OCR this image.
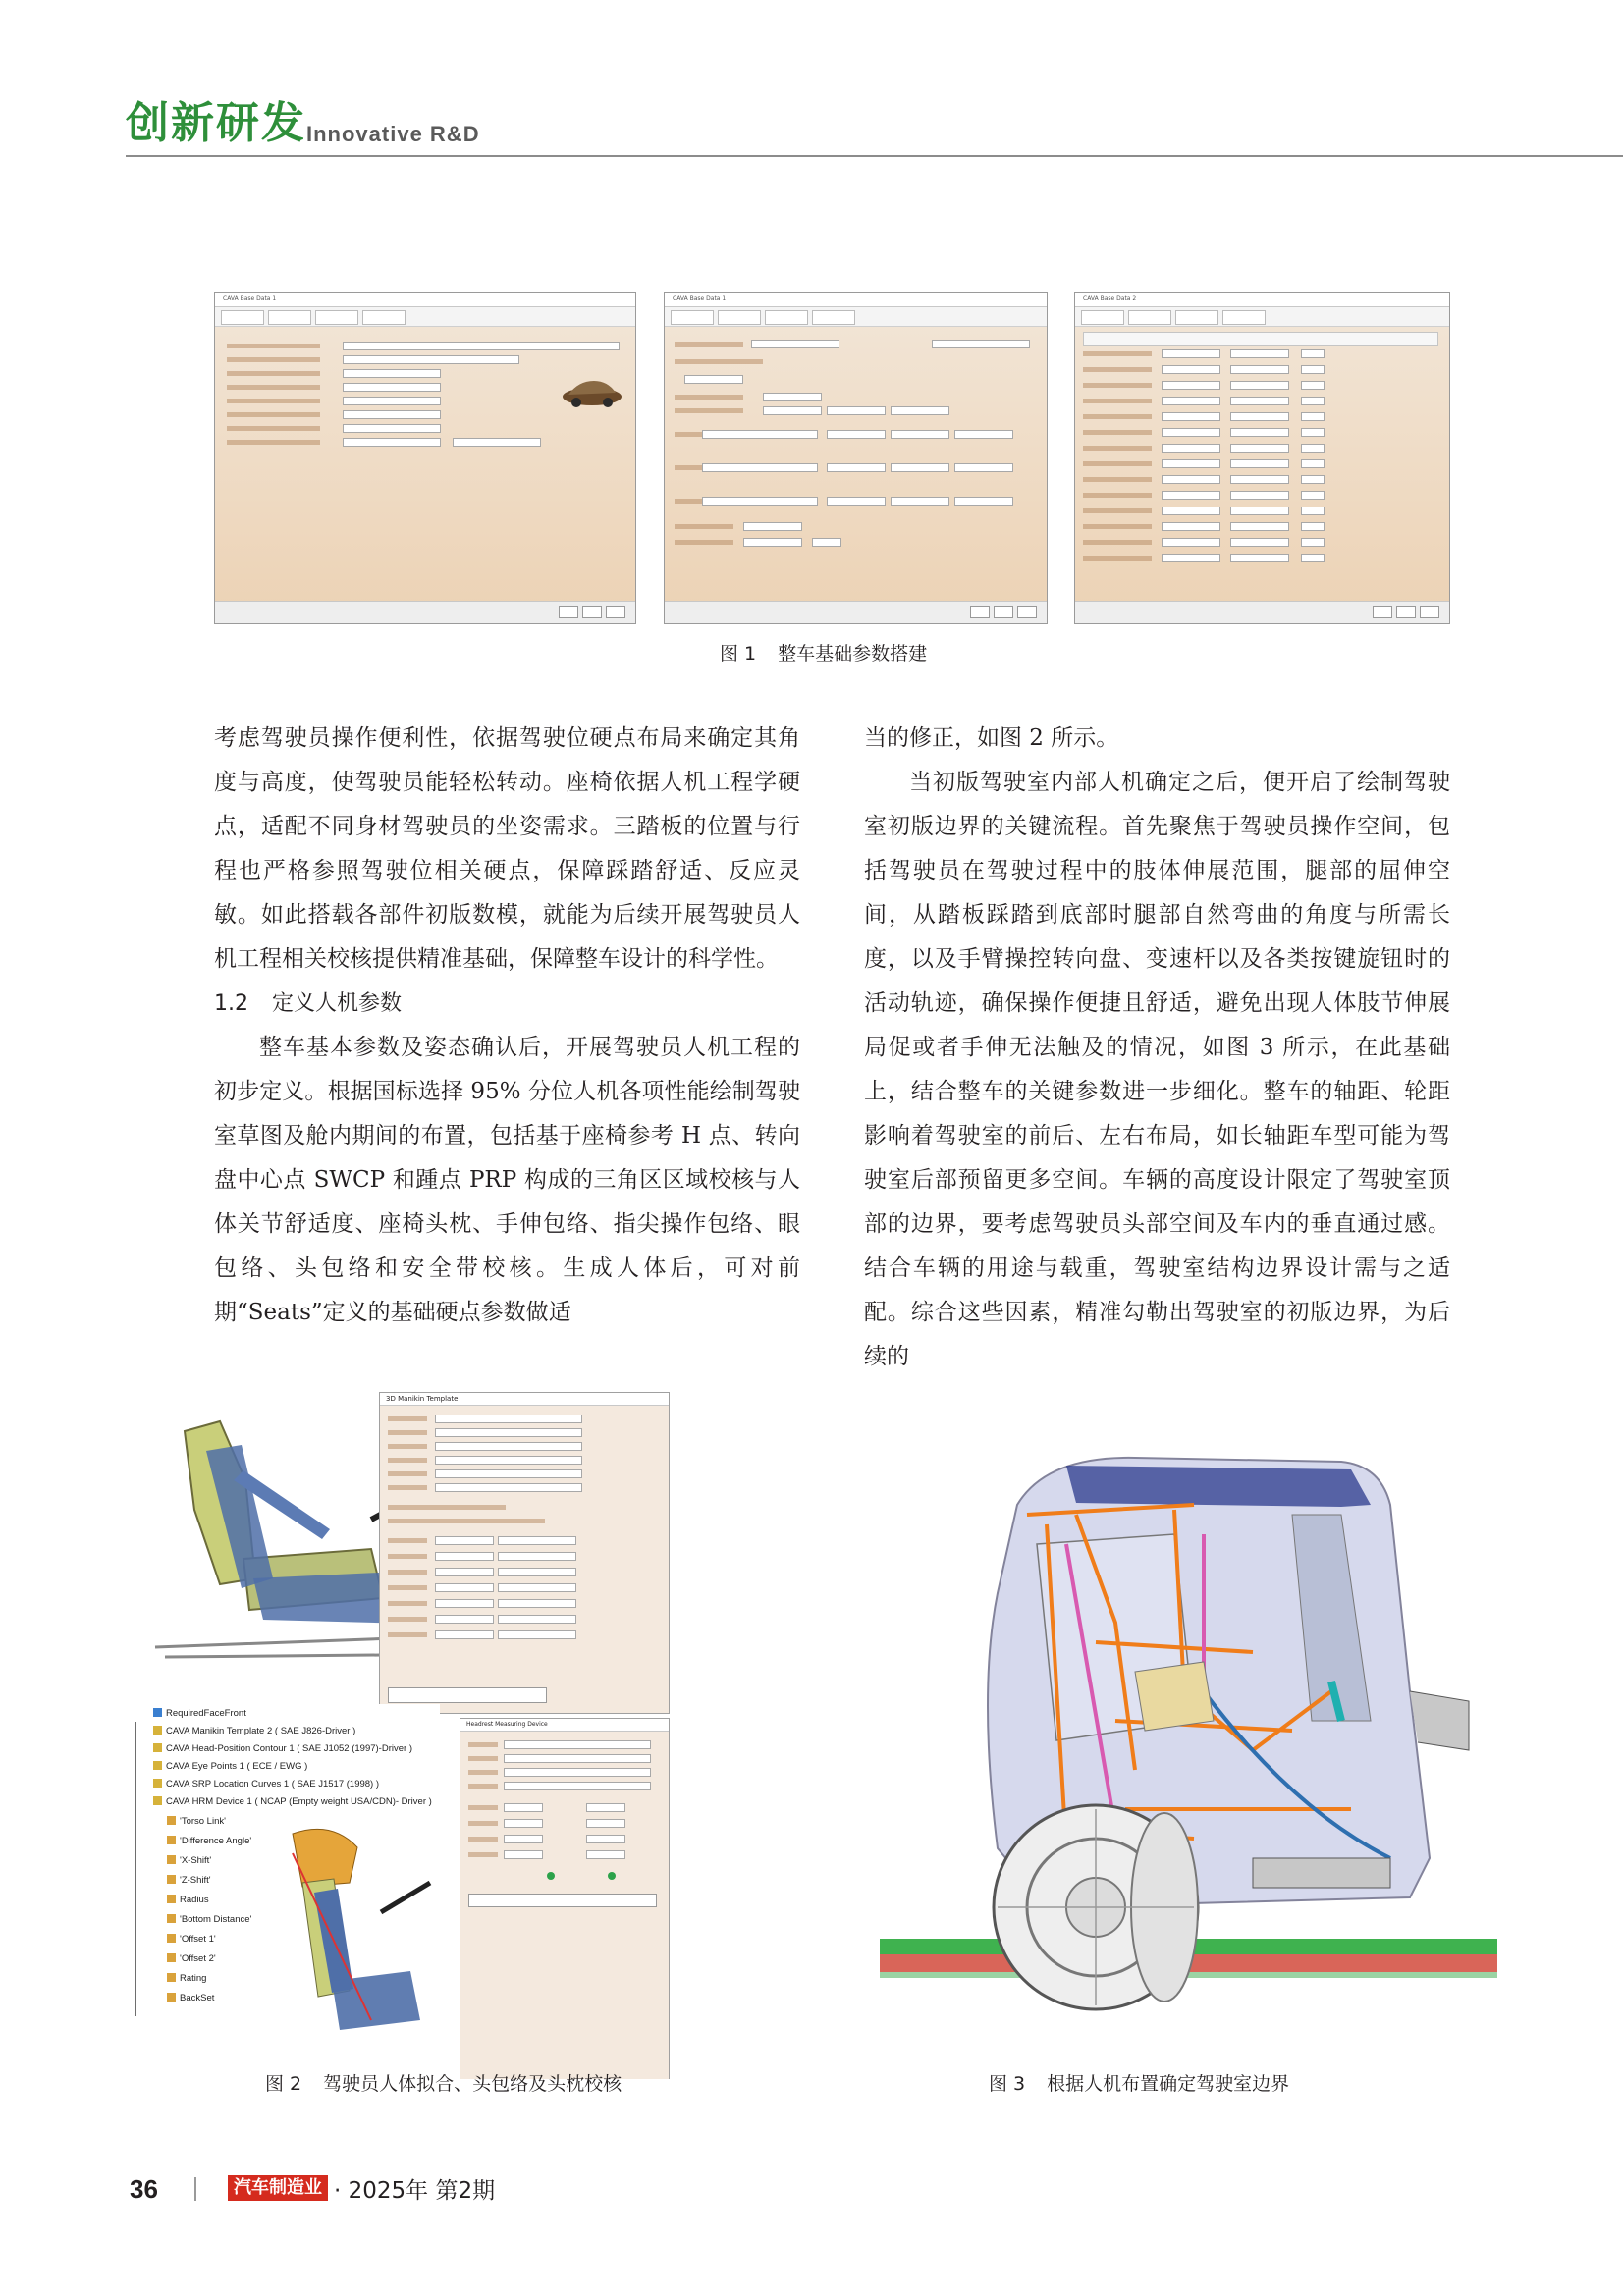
创新研发 Innovative R&D
CAVA Base Data 1	CAVA Base Data 1	CAVA Base Data 2
图 1 整车基础参数搭建

考虑驾驶员操作便利性，依据驾驶位硬点布局来确定其角度与高度，使驾驶员能轻松转动。座椅依据人机工程学硬点，适配不同身材驾驶员的坐姿需求。三踏板的位置与行程也严格参照驾驶位相关硬点，保障踩踏舒适、反应灵敏。如此搭载各部件初版数模，就能为后续开展驾驶员人机工程相关校核提供精准基础，保障整车设计的科学性。

1.2 定义人机参数

整车基本参数及姿态确认后，开展驾驶员人机工程的初步定义。根据国标选择 95% 分位人机各项性能绘制驾驶室草图及舱内期间的布置，包括基于座椅参考 H 点、转向盘中心点 SWCP 和踵点 PRP 构成的三角区区域校核与人体关节舒适度、座椅头枕、手伸包络、指尖操作包络、眼包络、头包络和安全带校核。生成人体后，可对前期“Seats”定义的基础硬点参数做适

当的修正，如图 2 所示。

当初版驾驶室内部人机确定之后，便开启了绘制驾驶室初版边界的关键流程。首先聚焦于驾驶员操作空间，包括驾驶员在驾驶过程中的肢体伸展范围，腿部的屈伸空间，从踏板踩踏到底部时腿部自然弯曲的角度与所需长度，以及手臂操控转向盘、变速杆以及各类按键旋钮时的活动轨迹，确保操作便捷且舒适，避免出现人体肢节伸展局促或者手伸无法触及的情况，如图 3 所示，在此基础上，结合整车的关键参数进一步细化。整车的轴距、轮距影响着驾驶室的前后、左右布局，如长轴距车型可能为驾驶室后部预留更多空间。车辆的高度设计限定了驾驶室顶部的边界，要考虑驾驶员头部空间及车内的垂直通过感。结合车辆的用途与载重，驾驶室结构边界设计需与之适配。综合这些因素，精准勾勒出驾驶室的初版边界，为后续的

3D Manikin Template
RequiredFaceFront
CAVA Manikin Template 2 ( SAE J826-Driver )
CAVA Head-Position Contour 1 ( SAE J1052 (1997)-Driver )
CAVA Eye Points 1 ( ECE / EWG )
CAVA SRP Location Curves 1 ( SAE J1517 (1998) )
CAVA HRM Device 1 ( NCAP (Empty weight USA/CDN)- Driver )
'Torso Link'
'Difference Angle'
'X-Shift'
'Z-Shift'
Radius
'Bottom Distance'
'Offset 1'
'Offset 2'
Rating
BackSet
Headrest Measuring Device
图 2 驾驶员人体拟合、头包络及头枕校核	图 3 根据人机布置确定驾驶室边界
36	汽车制造业 · 2025年 第2期
